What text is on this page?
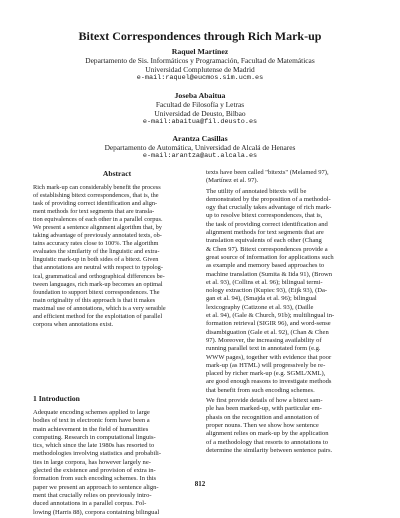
Bitext Correspondences through Rich Mark-up
Raquel Martínez
Departamento de Sis. Informáticos y Programación, Facultad de Matemáticas
Universidad Complutense de Madrid
e-mail:raquel@eucmos.sim.ucm.es
Joseba Abaitua
Facultad de Filosofía y Letras
Universidad de Deusto, Bilbao
e-mail:abaitua@fil.deusto.es
Arantza Casillas
Departamento de Automática, Universidad de Alcalá de Henares
e-mail:arantza@aut.alcala.es
Abstract
Rich mark-up can considerably benefit the process
of establishing bitext correspondences, that is, the
task of providing correct identification and align-
ment methods for text segments that are transla-
tion equivalences of each other in a parallel corpus.
We present a sentence alignment algorithm that, by
taking advantage of previously annotated texts, ob-
tains accuracy rates close to 100%. The algorithm
evaluates the similarity of the linguistic and extra-
linguistic mark-up in both sides of a bitext. Given
that annotations are neutral with respect to typolog-
ical, grammatical and orthographical differences be-
tween languages, rich mark-up becomes an optimal
foundation to support bitext correspondences. The
main originality of this approach is that it makes
maximal use of annotations, which is a very sensible
and efficient method for the exploitation of parallel
corpora when annotations exist.
1 Introduction
Adequate encoding schemes applied to large
bodies of text in electronic form have been a
main achievement in the field of humanities
computing. Research in computational linguis-
tics, which since the late 1980s has resorted to
methodologies involving statistics and probabili-
ties in large corpora, has however largely ne-
glected the existence and provision of extra in-
formation from such encoding schemes. In this
paper we present an approach to sentence align-
ment that crucially relies on previously intro-
duced annotations in a parallel corpus. Fol-
lowing (Harris 88), corpora containing bilingual
texts have been called "bitexts" (Melamed 97),
(Martínez et al. 97).
The utility of annotated bitexts will be
demonstrated by the proposition of a methodol-
ogy that crucially takes advantage of rich mark-
up to resolve bitext correspondences, that is,
the task of providing correct identification and
alignment methods for text segments that are
translation equivalents of each other (Chang
& Chen 97). Bitext correspondences provide a
great source of information for applications such
as example and memory based approaches to
machine translation (Sumita & Iida 91), (Brown
et al. 93), (Collins et al. 96); bilingual termi-
nology extraction (Kupiec 93), (Eijk 93), (Da-
gan et al. 94), (Smajda et al. 96); bilingual
lexicography (Catizone et al. 93), (Daille
et al. 94), (Gale & Church, 91b); multilingual in-
formation retrieval (SIGIR 96), and word-sense
disambiguation (Gale et al. 92), (Chan & Chen
97). Moreover, the increasing availability of
running parallel text in annotated form (e.g.
WWW pages), together with evidence that poor
mark-up (as HTML) will progressively be re-
placed by richer mark-up (e.g. SGML/XML),
are good enough reasons to investigate methods
that benefit from such encoding schemes.
We first provide details of how a bitext sam-
ple has been marked-up, with particular em-
phasis on the recognition and annotation of
proper nouns. Then we show how sentence
alignment relies on mark-up by the application
of a methodology that resorts to annotations to
determine the similarity between sentence pairs.
812
